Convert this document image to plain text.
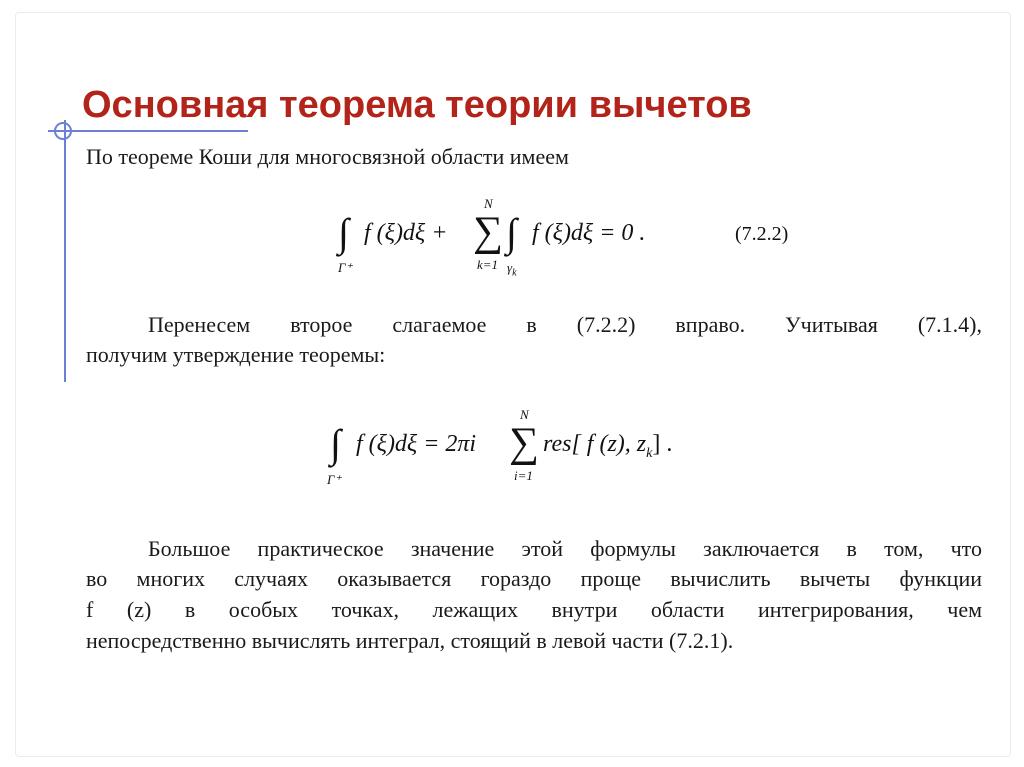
Основная теорема теории вычетов
По теореме Коши для многосвязной области имеем
∫
Γ⁺
f (ξ)dξ +
N
∑
k=1
∫
$\gamma_k$
f (ξ)dξ = 0 .	(7.2.2)
Перенесем второе слагаемое в (7.2.2) вправо. Учитывая (7.1.4),
получим утверждение теоремы:
∫
Γ⁺
f (ξ)dξ = 2πi
N
∑
i=1
res[ f (z), $z_k$] .
Большое практическое значение этой формулы заключается в том, что
во многих случаях оказывается гораздо проще вычислить вычеты функции
f (z) в особых точках, лежащих внутри области интегрирования, чем
непосредственно вычислять интеграл, стоящий в левой части (7.2.1).
